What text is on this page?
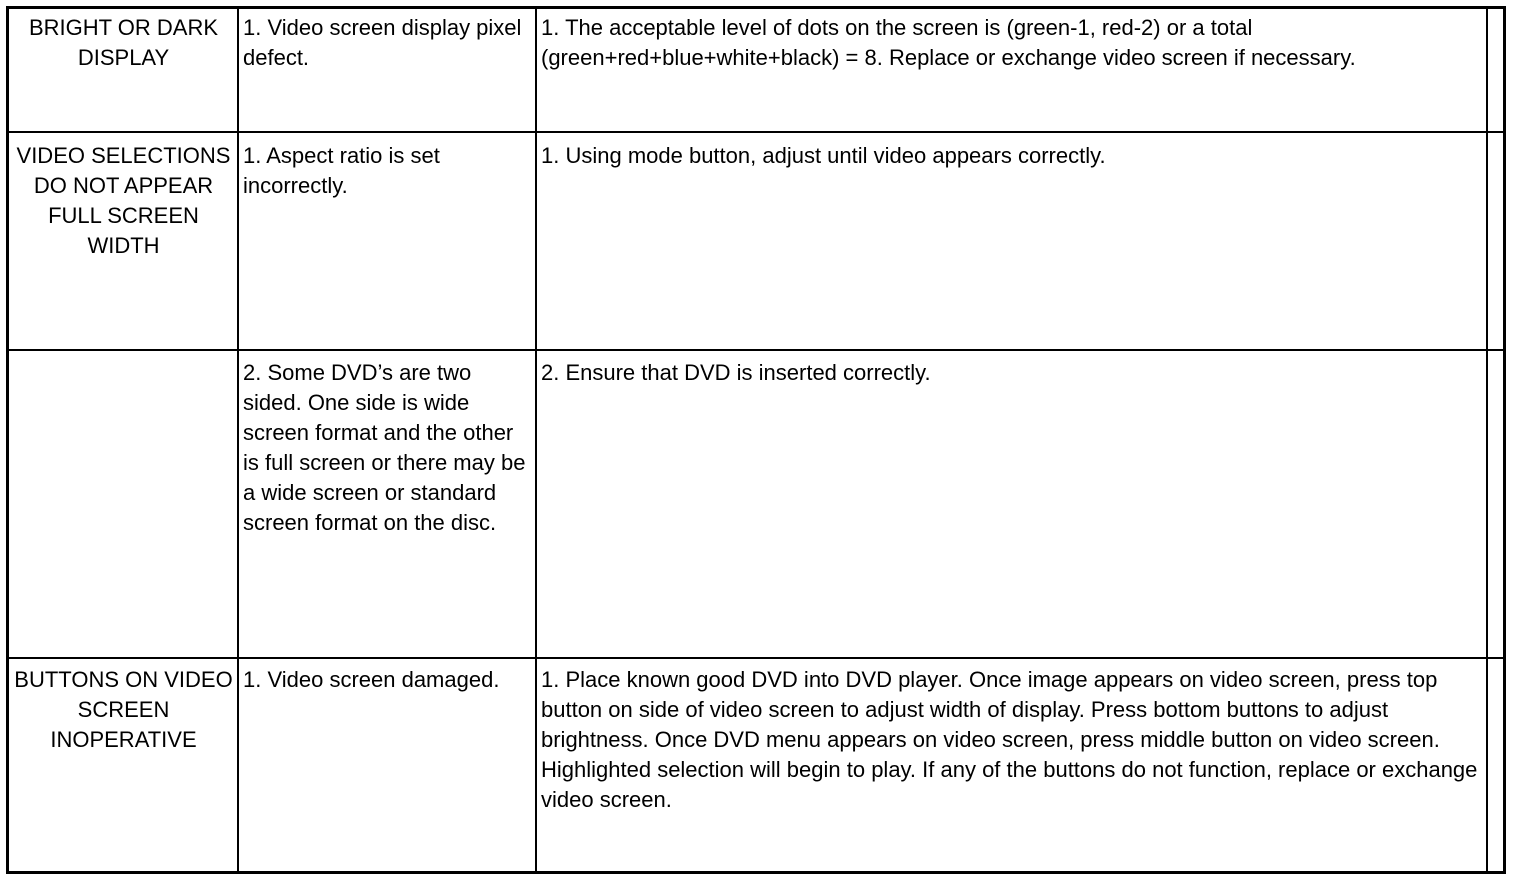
BRIGHT OR DARK DISPLAY
1. Video screen display pixel defect.
1. The acceptable level of dots on the screen is (green-1, red-2) or a total (green+red+blue+white+black) = 8. Replace or exchange video screen if necessary.
VIDEO SELECTIONS DO NOT APPEAR FULL SCREEN WIDTH
1. Aspect ratio is set incorrectly.
1. Using mode button, adjust until video appears correctly.
2. Some DVD’s are two sided. One side is wide screen format and the other is full screen or there may be a wide screen or standard screen format on the disc.
2. Ensure that DVD is inserted correctly.
BUTTONS ON VIDEO SCREEN INOPERATIVE
1. Video screen damaged.	1. Place known good DVD into DVD player. Once image appears on video screen, press top button on side of video screen to adjust width of display. Press bottom buttons to adjust brightness. Once DVD menu appears on video screen, press middle button on video screen. Highlighted selection will begin to play. If any of the buttons do not function, replace or exchange video screen.
